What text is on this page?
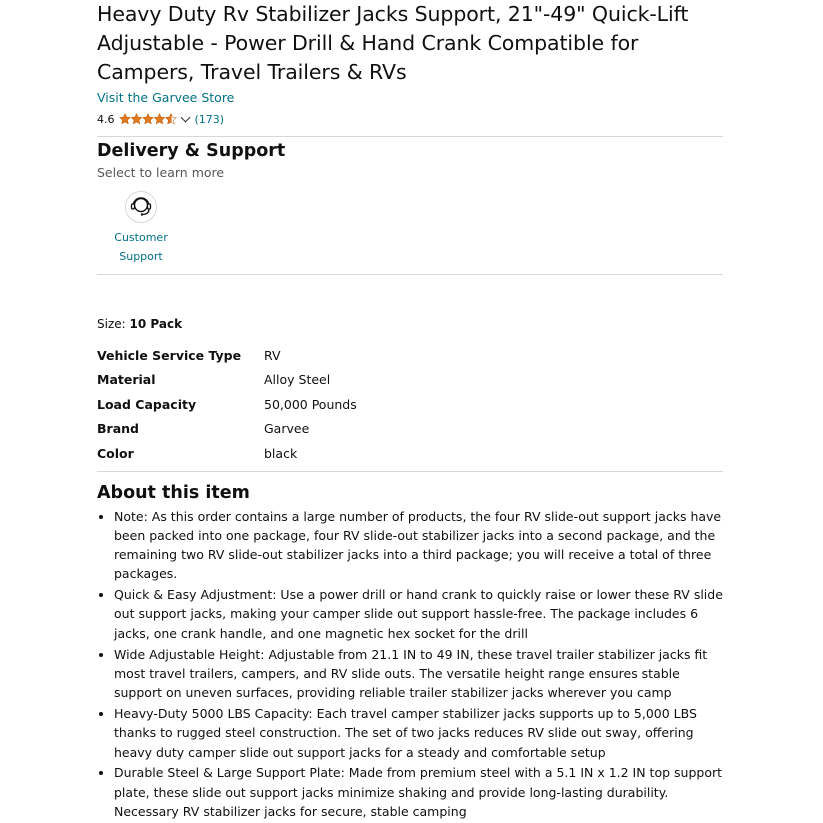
Heavy Duty Rv Stabilizer Jacks Support, 21"-49" Quick-Lift Adjustable - Power Drill & Hand Crank Compatible for Campers, Travel Trailers & RVs
Visit the Garvee Store
4.6	(173)
Delivery & Support
Select to learn more
Customer
Support
Size: 10 Pack
Vehicle Service Type	RV
Material	Alloy Steel
Load Capacity	50,000 Pounds
Brand	Garvee
Color	black
About this item
• Note: As this order contains a large number of products, the four RV slide-out support jacks have been packed into one package, four RV slide-out stabilizer jacks into a second package, and the remaining two RV slide-out stabilizer jacks into a third package; you will receive a total of three packages.
• Quick & Easy Adjustment: Use a power drill or hand crank to quickly raise or lower these RV slide out support jacks, making your camper slide out support hassle-free. The package includes 6 jacks, one crank handle, and one magnetic hex socket for the drill
• Wide Adjustable Height: Adjustable from 21.1 IN to 49 IN, these travel trailer stabilizer jacks fit most travel trailers, campers, and RV slide outs. The versatile height range ensures stable support on uneven surfaces, providing reliable trailer stabilizer jacks wherever you camp
• Heavy-Duty 5000 LBS Capacity: Each travel camper stabilizer jacks supports up to 5,000 LBS thanks to rugged steel construction. The set of two jacks reduces RV slide out sway, offering heavy duty camper slide out support jacks for a steady and comfortable setup
• Durable Steel & Large Support Plate: Made from premium steel with a 5.1 IN x 1.2 IN top support plate, these slide out support jacks minimize shaking and provide long-lasting durability. Necessary RV stabilizer jacks for secure, stable camping
